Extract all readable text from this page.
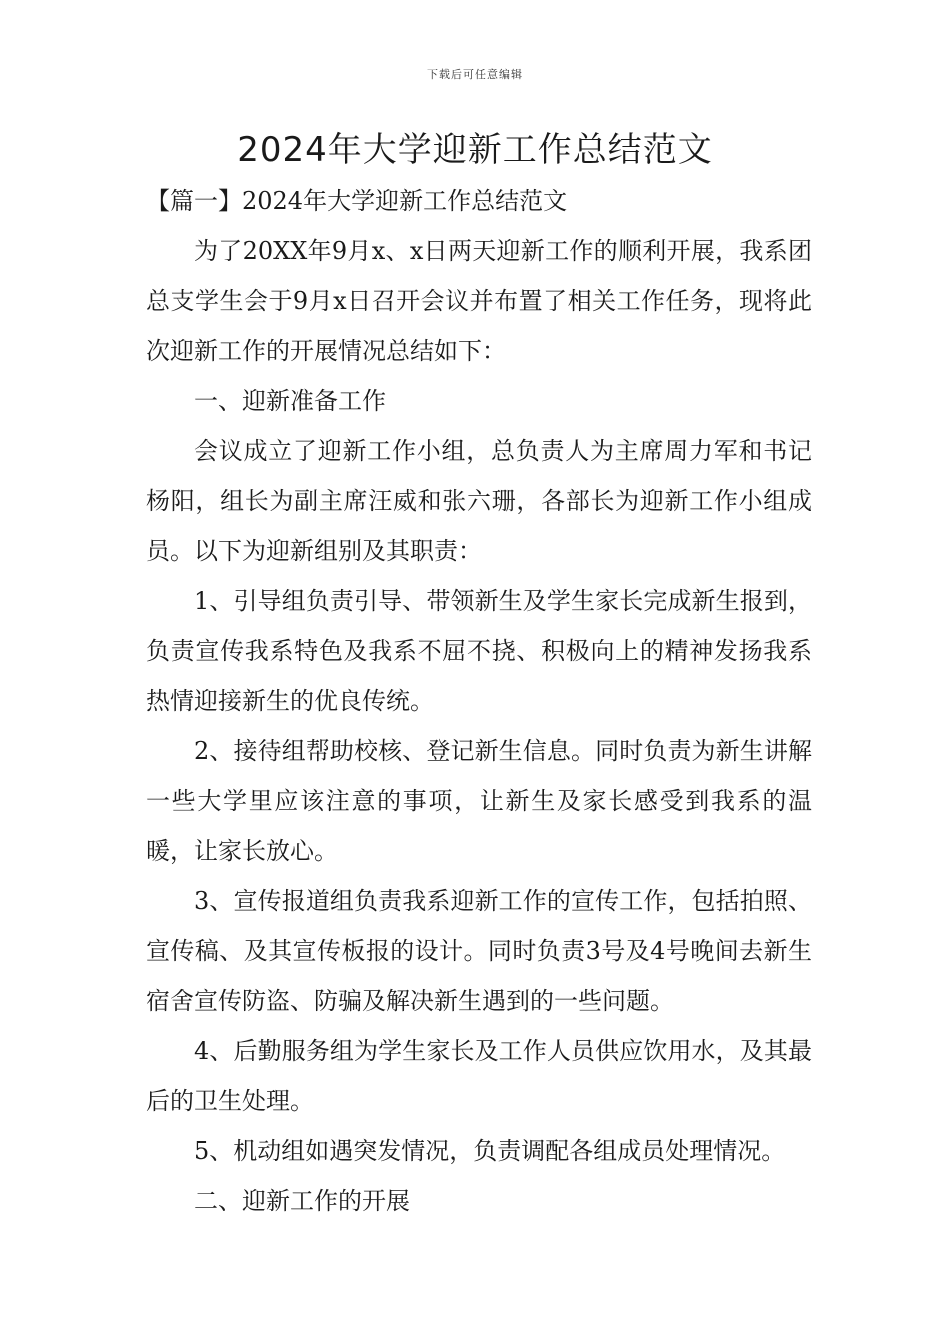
下载后可任意编辑
2024年大学迎新工作总结范文

【篇一】2024年大学迎新工作总结范文

为了20XX年9月x、x日两天迎新工作的顺利开展，我系团总支学生会于9月x日召开会议并布置了相关工作任务，现将此次迎新工作的开展情况总结如下：

一、迎新准备工作

会议成立了迎新工作小组，总负责人为主席周力军和书记杨阳，组长为副主席汪威和张六珊，各部长为迎新工作小组成员。以下为迎新组别及其职责：

1、引导组负责引导、带领新生及学生家长完成新生报到，负责宣传我系特色及我系不屈不挠、积极向上的精神发扬我系热情迎接新生的优良传统。

2、接待组帮助校核、登记新生信息。同时负责为新生讲解一些大学里应该注意的事项，让新生及家长感受到我系的温暖，让家长放心。

3、宣传报道组负责我系迎新工作的宣传工作，包括拍照、宣传稿、及其宣传板报的设计。同时负责3号及4号晚间去新生宿舍宣传防盗、防骗及解决新生遇到的一些问题。

4、后勤服务组为学生家长及工作人员供应饮用水，及其最后的卫生处理。

5、机动组如遇突发情况，负责调配各组成员处理情况。

二、迎新工作的开展
